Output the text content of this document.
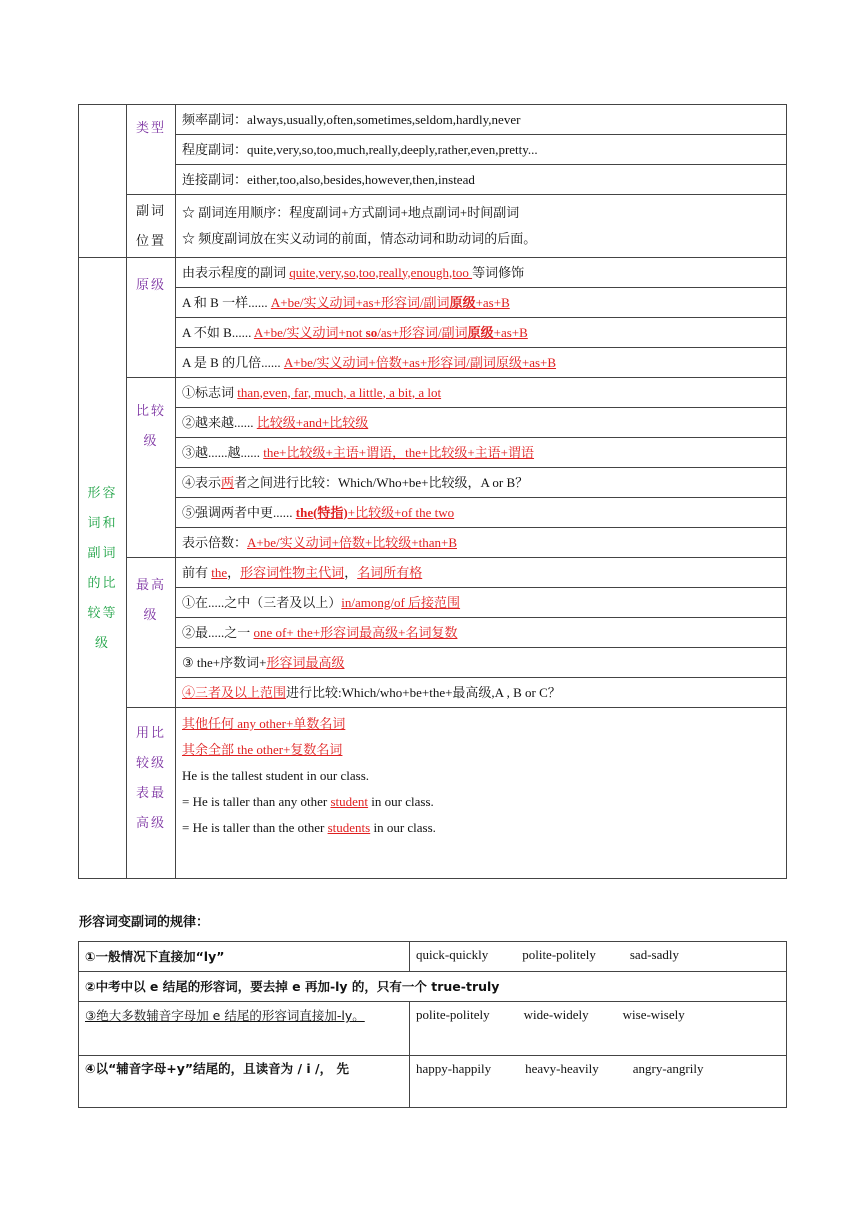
	类型	频率副词：always,usually,often,sometimes,seldom,hardly,never
		程度副词：quite,very,so,too,much,really,deeply,rather,even,pretty...
		连接副词：either,too,also,besides,however,then,instead
	副词位置	☆ 副词连用顺序：程度副词+方式副词+地点副词+时间副词
☆ 频度副词放在实义动词的前面，情态动词和助动词的后面。

形容词和副词的比较等级	原级	由表示程度的副词 quite,very,so,too,really,enough,too 等词修饰
		A 和 B 一样...... A+be/实义动词+as+形容词/副词原级+as+B
		A 不如 B...... A+be/实义动词+not so/as+形容词/副词原级+as+B
		A 是 B 的几倍...... A+be/实义动词+倍数+as+形容词/副词原级+as+B
	比较级	①标志词 than,even, far, much, a little, a bit, a lot
		②越来越...... 比较级+and+比较级
		③越......越...... the+比较级+主语+谓语，the+比较级+主语+谓语
		④表示两者之间进行比较：Which/Who+be+比较级，A or B？
		⑤强调两者中更...... the(特指)+比较级+of the two
		表示倍数：A+be/实义动词+倍数+比较级+than+B
	最高级	前有 the，形容词性物主代词，名词所有格
		①在.....之中（三者及以上）in/among/of 后接范围
		②最.....之一 one of+ the+形容词最高级+名词复数
		③ the+序数词+形容词最高级
		④三者及以上范围进行比较:Which/who+be+the+最高级,A , B or C？
	用比较级表最高级	其他任何 any other+单数名词
其余全部 the other+复数名词
He is the tallest student in our class.
= He is taller than any other student in our class.
= He is taller than the other students in our class.
形容词变副词的规律：
①一般情况下直接加“ly”	quick-quickly polite-politely sad-sadly
②中考中以 e 结尾的形容词，要去掉 e 再加-ly 的，只有一个 true-truly	
③绝大多数辅音字母加 e 结尾的形容词直接加-ly。	polite-politely wide-widely wise-wisely
④以“辅音字母+y”结尾的，且读音为 / i /， 先	happy-happily heavy-heavily angry-angrily
